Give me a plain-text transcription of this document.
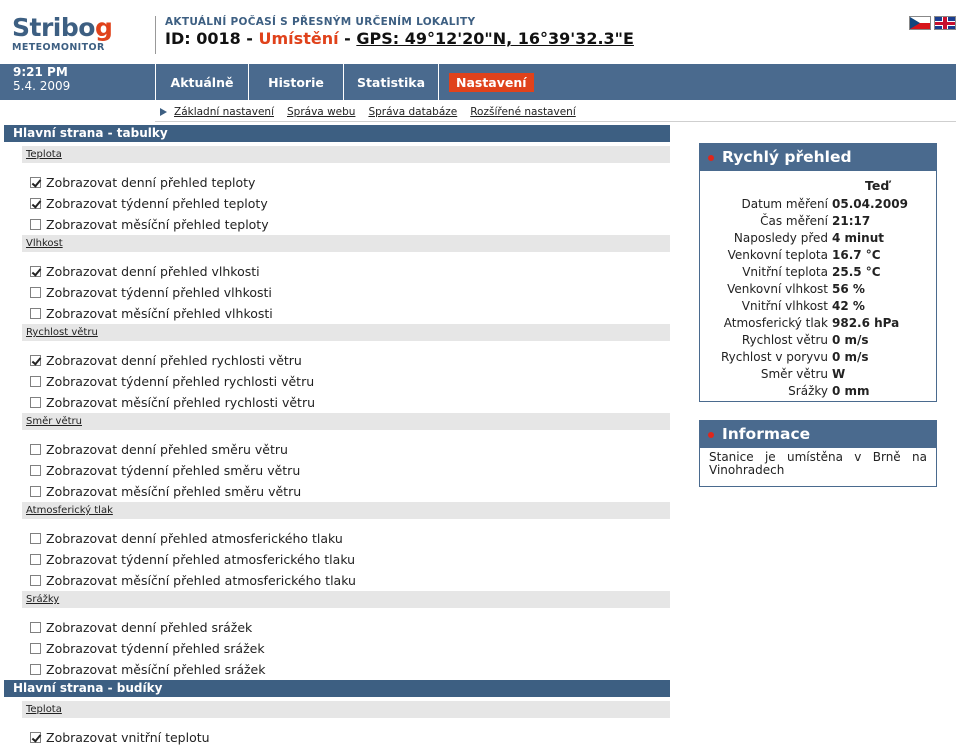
Stribog
METEOMONITOR
AKTUÁLNÍ POČASÍ S PŘESNÝM URČENÍM LOKALITY
ID: 0018 - Umístění - GPS: 49°12'20"N, 16°39'32.3"E
9:21 PM
5.4. 2009	Aktuálně	Historie	Statistika	Nastavení
Základní nastavení Správa webu Správa databáze Rozšířené nastavení
Hlavní strana - tabulky
Teplota
Zobrazovat denní přehled teploty
Zobrazovat týdenní přehled teploty
Zobrazovat měsíční přehled teploty
Vlhkost
Zobrazovat denní přehled vlhkosti
Zobrazovat týdenní přehled vlhkosti
Zobrazovat měsíční přehled vlhkosti
Rychlost větru
Zobrazovat denní přehled rychlosti větru
Zobrazovat týdenní přehled rychlosti větru
Zobrazovat měsíční přehled rychlosti větru
Směr větru
Zobrazovat denní přehled směru větru
Zobrazovat týdenní přehled směru větru
Zobrazovat měsíční přehled směru větru
Atmosferický tlak
Zobrazovat denní přehled atmosferického tlaku
Zobrazovat týdenní přehled atmosferického tlaku
Zobrazovat měsíční přehled atmosferického tlaku
Srážky
Zobrazovat denní přehled srážek
Zobrazovat týdenní přehled srážek
Zobrazovat měsíční přehled srážek
Hlavní strana - budíky
Teplota
Zobrazovat vnitřní teplotu
Rychlý přehled
Teď
Datum měření 05.04.2009
Čas měření 21:17
Naposledy před 4 minut
Venkovní teplota 16.7 °C
Vnitřní teplota 25.5 °C
Venkovní vlhkost 56 %
Vnitřní vlhkost 42 %
Atmosferický tlak 982.6 hPa
Rychlost větru 0 m/s
Rychlost v poryvu 0 m/s
Směr větru W
Srážky 0 mm
Informace
Stanice je umístěna v Brně na Vinohradech
